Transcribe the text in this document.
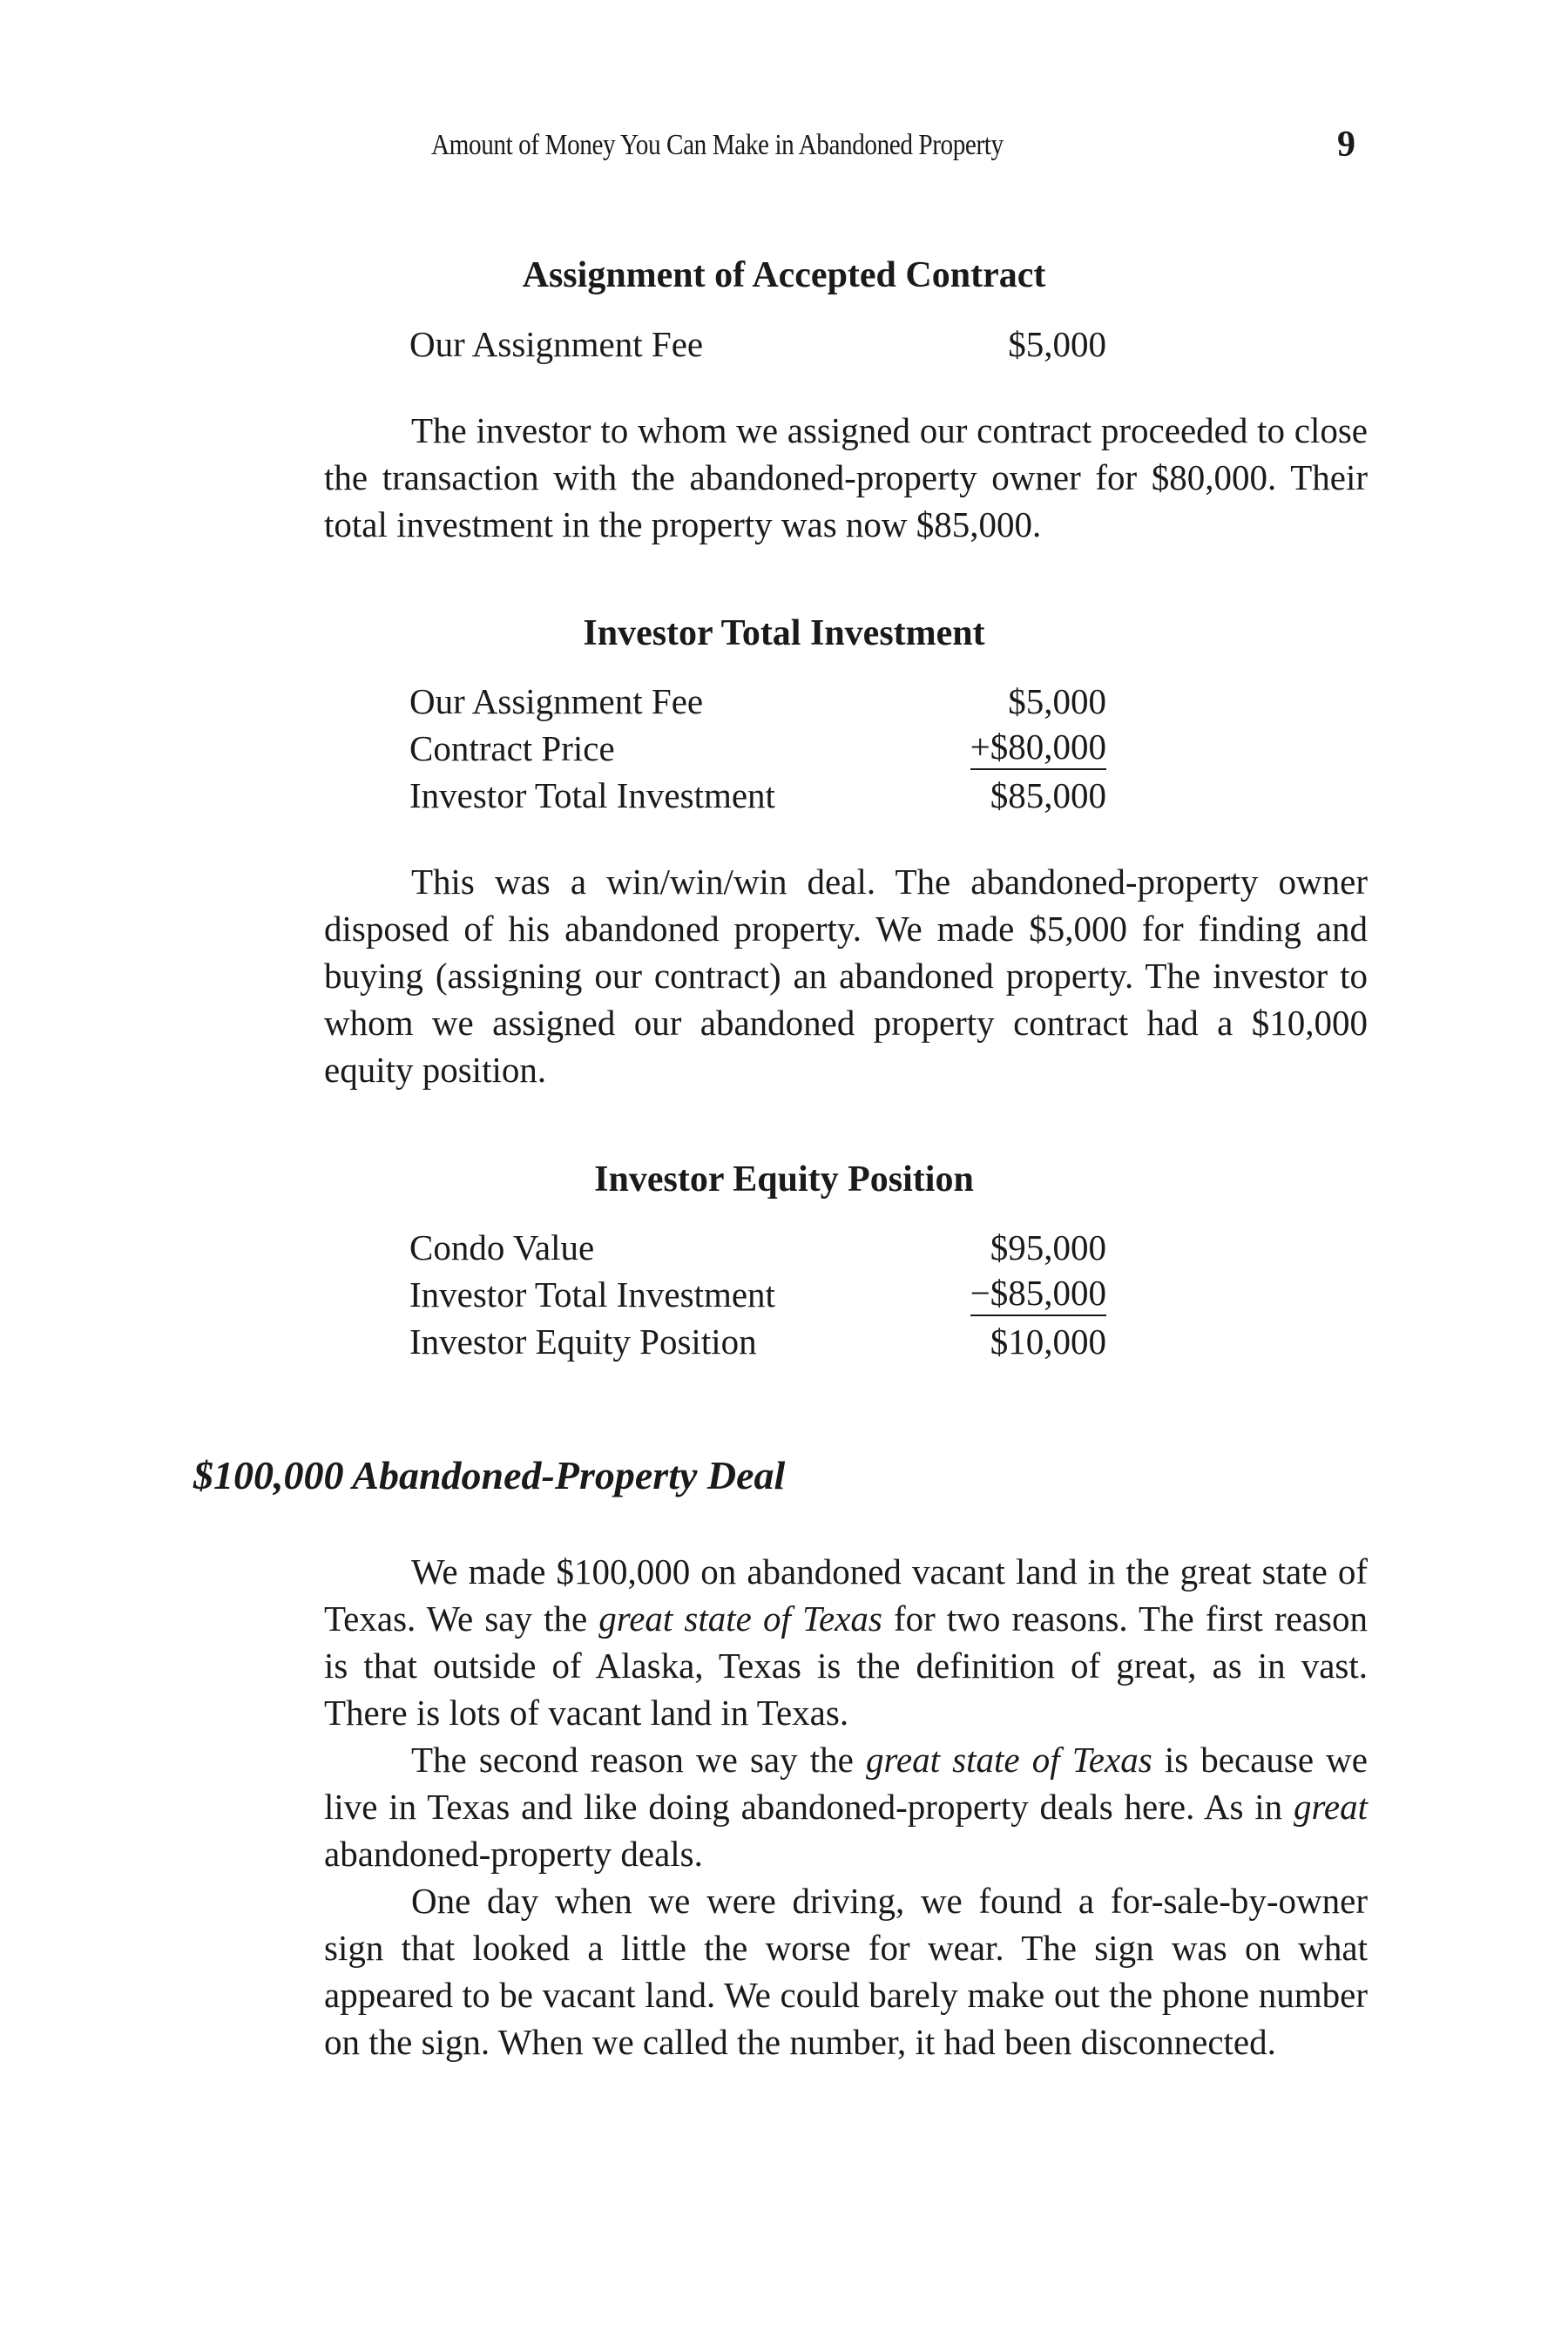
Amount of Money You Can Make in Abandoned Property	9
Assignment of Accepted Contract
Our Assignment Fee	$5,000

The investor to whom we assigned our contract proceeded to close the transaction with the abandoned-property owner for $80,000. Their total investment in the property was now $85,000.

Investor Total Investment
Our Assignment Fee	$5,000
Contract Price	+$80,000
Investor Total Investment	$85,000

This was a win/win/win deal. The abandoned-property owner disposed of his abandoned property. We made $5,000 for finding and buying (assigning our contract) an abandoned property. The investor to whom we assigned our abandoned property contract had a $10,000 equity position.

Investor Equity Position
Condo Value	$95,000
Investor Total Investment	−$85,000
Investor Equity Position	$10,000
$100,000 Abandoned-Property Deal

We made $100,000 on abandoned vacant land in the great state of Texas. We say the great state of Texas for two reasons. The first reason is that outside of Alaska, Texas is the definition of great, as in vast. There is lots of vacant land in Texas.

The second reason we say the great state of Texas is because we live in Texas and like doing abandoned-property deals here. As in great abandoned-property deals.

One day when we were driving, we found a for-sale-by-owner sign that looked a little the worse for wear. The sign was on what appeared to be vacant land. We could barely make out the phone number on the sign. When we called the number, it had been disconnected.
